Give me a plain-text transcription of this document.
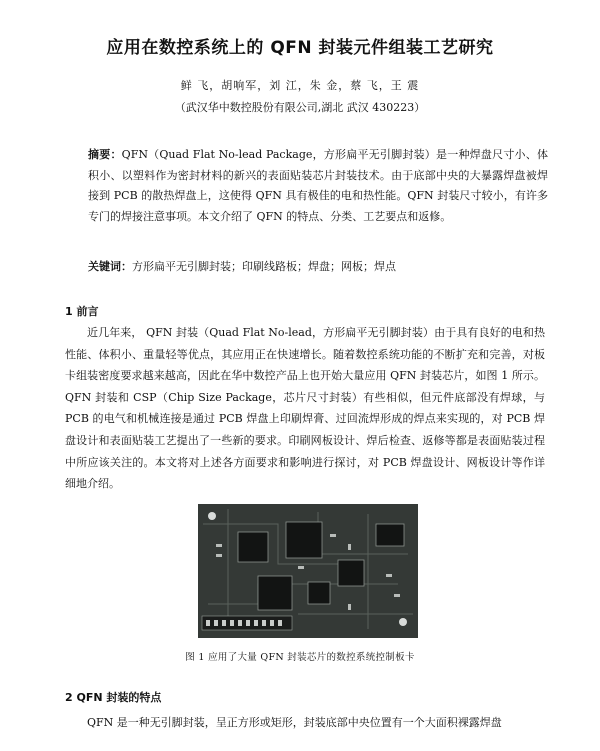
应用在数控系统上的 QFN 封装元件组装工艺研究
鲜 飞，胡响军，刘 江，朱 金，蔡 飞，王 震
（武汉华中数控股份有限公司,湖北 武汉 430223）

摘要：QFN（Quad Flat No-lead Package，方形扁平无引脚封装）是一种焊盘尺寸小、体积小、以塑料作为密封材料的新兴的表面贴装芯片封装技术。由于底部中央的大暴露焊盘被焊接到 PCB 的散热焊盘上，这使得 QFN 具有极佳的电和热性能。QFN 封装尺寸较小，有许多专门的焊接注意事项。本文介绍了 QFN 的特点、分类、工艺要点和返修。

关键词：方形扁平无引脚封装；印刷线路板；焊盘；网板；焊点

1 前言

近几年来， QFN 封装（Quad Flat No-lead，方形扁平无引脚封装）由于具有良好的电和热性能、体积小、重量轻等优点，其应用正在快速增长。随着数控系统功能的不断扩充和完善，对板卡组装密度要求越来越高，因此在华中数控产品上也开始大量应用 QFN 封装芯片，如图 1 所示。QFN 封装和 CSP（Chip Size Package，芯片尺寸封装）有些相似，但元件底部没有焊球，与 PCB 的电气和机械连接是通过 PCB 焊盘上印刷焊膏、过回流焊形成的焊点来实现的，对 PCB 焊盘设计和表面贴装工艺提出了一些新的要求。印刷网板设计、焊后检查、返修等都是表面贴装过程中所应该关注的。本文将对上述各方面要求和影响进行探讨，对 PCB 焊盘设计、网板设计等作详细地介绍。

图 1 应用了大量 QFN 封装芯片的数控系统控制板卡

2 QFN 封装的特点

QFN 是一种无引脚封装，呈正方形或矩形，封装底部中央位置有一个大面积裸露焊盘
